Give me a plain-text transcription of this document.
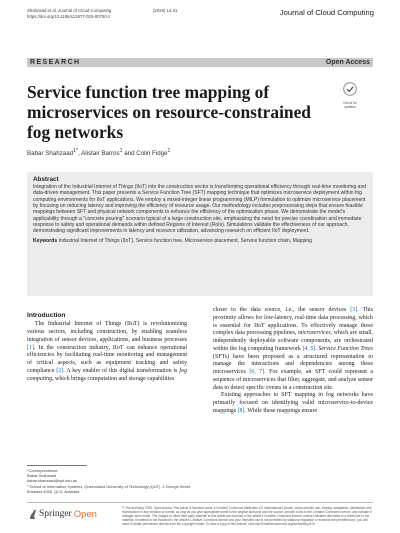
Shahzaad et al. Journal of Cloud Computing
https://doi.org/10.1186/s13677-025-00750-z
(2025) 14:31	Journal of Cloud Computing
RESEARCH	Open Access
Service function tree mapping of microservices on resource-constrained fog networks
Check for updates
Babar Shahzaad$^{1*}$, Alistair Barros$^1$ and Colin Fidge$^1$
Abstract
Integration of the Industrial Internet of Things (IIoT) into the construction sector is transforming operational efficiency through real-time monitoring and data-driven management. This paper presents a Service Function Tree (SFT) mapping technique that optimizes microservice deployment within fog computing environments for IIoT applications. We employ a mixed-integer linear programming (MILP) formulation to optimize microservice placement by focusing on reducing latency and improving the efficiency of resource usage. Our methodology includes preprocessing steps that ensure feasible mappings between SFT and physical network components to enhance the efficiency of the optimization phase. We demonstrate the model's applicability through a "concrete pouring" scenario typical of a large construction site, emphasizing the need for precise coordination and immediate response to safety and operational demands within defined Regions of Interest (RoIs). Simulations validate the effectiveness of our approach, demonstrating significant improvements in latency and resource utilization, advancing research on efficient IIoT deployment.
Keywords Industrial Internet of Things (IIoT), Service function tree, Microservice placement, Service function chain, Mapping
Introduction

The Industrial Internet of Things (IIoT) is revolutionizing various sectors, including construction, by enabling seamless integration of sensor devices, applications, and business processes [1]. In the construction industry, IIoT can enhance operational efficiencies by facilitating real-time monitoring and management of critical aspects, such as equipment tracking and safety compliance [2]. A key enabler of this digital transformation is fog computing, which brings computation and storage capabilities

closer to the data source, i.e., the sensor devices [3]. This proximity allows for low-latency, real-time data processing, which is essential for IIoT applications. To effectively manage these complex data processing pipelines, microservices, which are small, independently deployable software components, are orchestrated within the fog computing framework [4, 5]. Service Function Trees (SFTs) have been proposed as a structured representation to manage the interactions and dependencies among these microservices [6, 7]. For example, an SFT could represent a sequence of microservices that filter, aggregate, and analyze sensor data to detect specific events in a construction site.

Existing approaches to SFT mapping in fog networks have primarily focused on identifying valid microservice-to-device mappings [8]. While these mappings ensure

*Correspondence:
Babar Shahzaad
babar.shahzaad@qut.edu.au
¹ School of Information Systems, Queensland University of Technology (QUT), 2 George Street, Brisbane 4000, QLD, Australia
Springer Open
© The Author(s) 2025. Open Access This article is licensed under a Creative Commons Attribution 4.0 International License, which permits use, sharing, adaptation, distribution and reproduction in any medium or format, as long as you give appropriate credit to the original author(s) and the source, provide a link to the Creative Commons licence, and indicate if changes were made. The images or other third party material in this article are included in the article's Creative Commons licence, unless indicated otherwise in a credit line to the material. If material is not included in the article's Creative Commons licence and your intended use is not permitted by statutory regulation or exceeds the permitted use, you will need to obtain permission directly from the copyright holder. To view a copy of this licence, visit http://creativecommons.org/licenses/by/4.0/.
